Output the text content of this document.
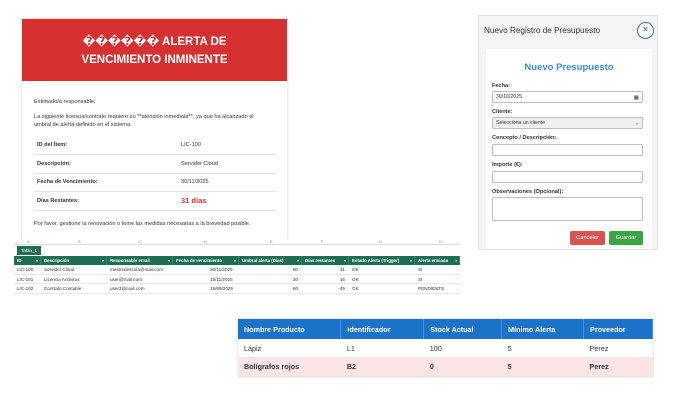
������ ALERTA DE VENCIMIENTO INMINENTE

Estimado/a responsable,

La siguiente licencia/contrato requiere su **atención inmediata**, ya que ha alcanzado el umbral de alerta definido en el sistema.

ID del Ítem:	LIC-100
Descripción:	Servidor Cloud
Fecha de Vencimiento:	30/11/2025
Días Restantes:	31 días

Por favor, gestione la renovación o tome las medidas necesarias a la brevedad posible.

A	B	C	D	E	F	G	H
Tabla_1
ID	▾	Descripción	▾	Responsable email	▾	Fecha de vencimiento	▾	Umbral alerta (Días)	▾	Días restantes ▾	Estado Alerta (Trigger)	▾	Alerta enviada ▾
LIC-100	Servidor Cloud	mestredescola@mail.com	30/11/2025	60	31	OK	SI
LIC-101	Licencia Antivirus	user@mail.com	15/11/2025	30	16	OK	SI
LIC-102	Contrato Contable	user3@mail.com	15/09/2025	60	-45	OK	PENDIENTE
Nuevo Registro de Presupuesto	✕
Nuevo Presupuesto
Fecha:
30/10/2025	▦
Cliente:
Selecciona un cliente	⌄
Concepto / Descripción:
Importe (€):
Observaciones (Opcional):
Cancelar	Guardar
Nombre Producto	Identificador	Stock Actual	Mínimo Alerta	Proveedor
Lápiz	L1	100	5	Perez
Bolígrafos rojos	B2	0	5	Perez
